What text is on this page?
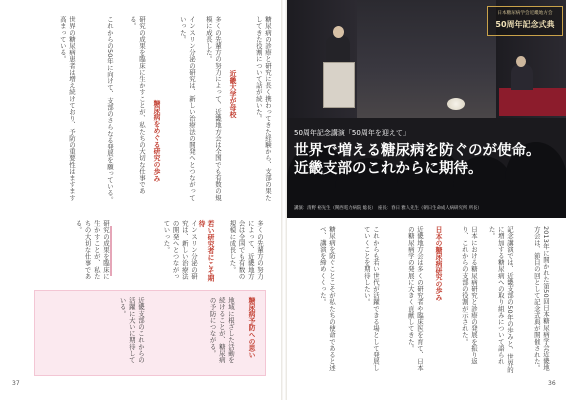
糖尿病の診療と研究に長く携わってきた経験から、支部の果たしてきた役割について話が続いた。
近畿大学が母校
多くの先輩方の努力によって、近畿地方会は全国でも有数の規模に成長した。
インスリン分泌の研究は、新しい治療法の開発へとつながっていった。
糖尿病をめぐる研究の歩み
研究の成果を臨床に生かすことが、私たちの大切な仕事である。
これからの50年に向けて、支部のさらなる発展を願っている。
世界の糖尿病患者は増え続けており、予防の重要性はますます高まっている。
多くの先輩方の努力によって、近畿地方会は全国でも有数の規模に成長した。
若い研究者にこそ期待
インスリン分泌の研究は、新しい治療法の開発へとつながっていった。
研究の成果を臨床に生かすことが、私たちの大切な仕事である。
糖尿病予防への思い
地域に根ざした活動を続けることが、糖尿病の予防につながる。
近畿支部のこれからの活躍に大いに期待している。
37
日本糖尿病学会近畿地方会
50周年記念式典

50周年記念講演「50周年を迎えて」

世界で増える糖尿病を防ぐのが使命。

近畿支部のこれからに期待。

講演：清野 裕先生（関西電力病院 総長）　座長：春日 雅人先生（朝日生命成人病研究所 所長）
2013年に開かれた第50回日本糖尿病学会近畿地方会は、節目の回として記念式典が開催された。
記念講演では、近畿支部の50年の歩みと、世界的に増加する糖尿病への取り組みについて語られた。
日本における糖尿病研究と診療の発展を振り返り、これからの支部の役割が示された。
日本の糖尿病研究の歩み
近畿地方会は多くの研究者や臨床医を育て、日本の糖尿病学の発展に大きく貢献してきた。
これからも若い世代が活躍できる場として発展していくことを期待したい。
糖尿病を防ぐことこそが私たちの使命であると述べ、講演を締めくくった。
36
